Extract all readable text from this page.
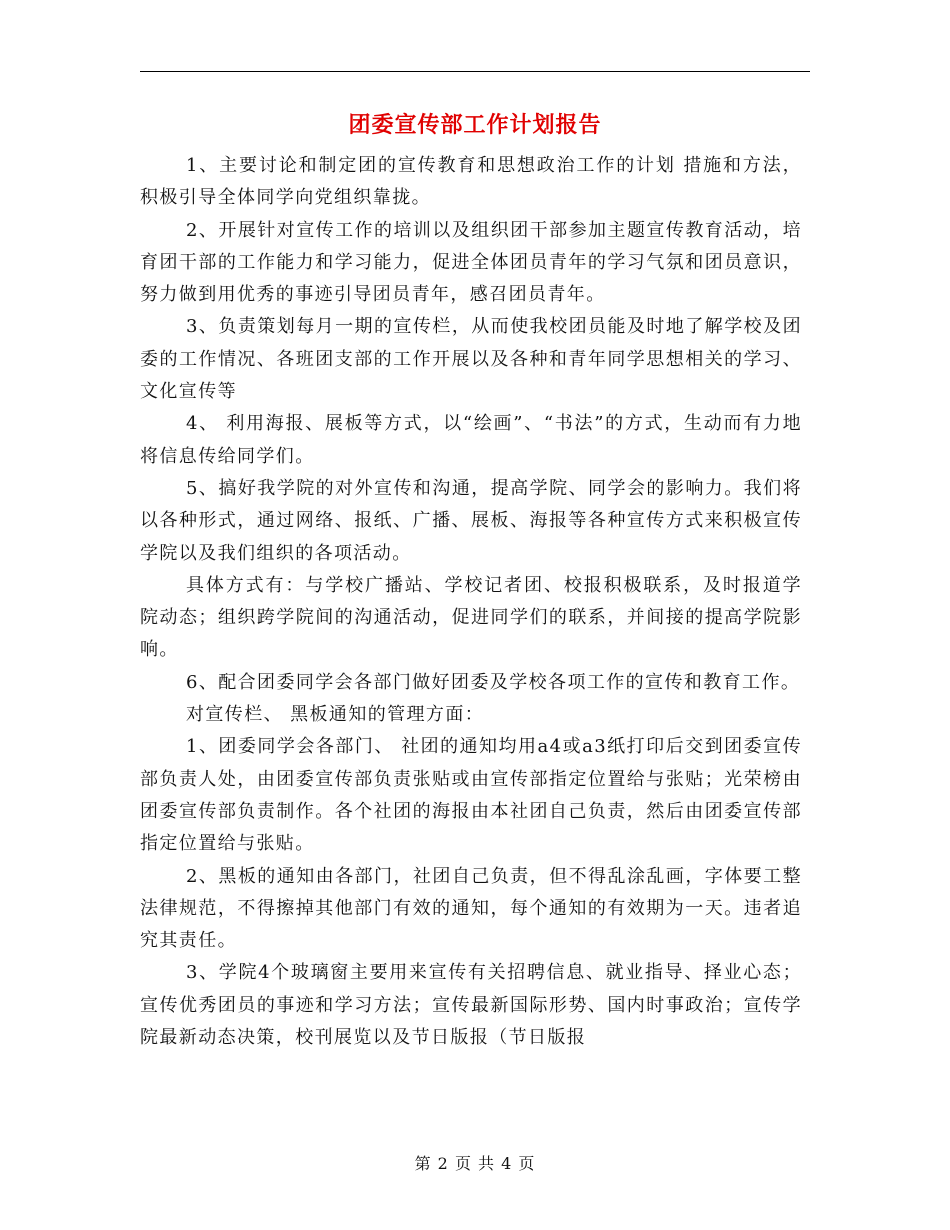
团委宣传部工作计划报告

1、主要讨论和制定团的宣传教育和思想政治工作的计划 措施和方法，积极引导全体同学向党组织靠拢。

2、开展针对宣传工作的培训以及组织团干部参加主题宣传教育活动，培育团干部的工作能力和学习能力，促进全体团员青年的学习气氛和团员意识，努力做到用优秀的事迹引导团员青年，感召团员青年。

3、负责策划每月一期的宣传栏，从而使我校团员能及时地了解学校及团委的工作情况、各班团支部的工作开展以及各种和青年同学思想相关的学习、文化宣传等

4、 利用海报、展板等方式，以“绘画”、“书法”的方式，生动而有力地将信息传给同学们。

5、搞好我学院的对外宣传和沟通，提高学院、同学会的影响力。我们将以各种形式，通过网络、报纸、广播、展板、海报等各种宣传方式来积极宣传学院以及我们组织的各项活动。

具体方式有：与学校广播站、学校记者团、校报积极联系，及时报道学院动态；组织跨学院间的沟通活动，促进同学们的联系，并间接的提高学院影响。

6、配合团委同学会各部门做好团委及学校各项工作的宣传和教育工作。

对宣传栏、 黑板通知的管理方面：

1、团委同学会各部门、 社团的通知均用a4或a3纸打印后交到团委宣传部负责人处，由团委宣传部负责张贴或由宣传部指定位置给与张贴；光荣榜由团委宣传部负责制作。各个社团的海报由本社团自己负责，然后由团委宣传部指定位置给与张贴。

2、黑板的通知由各部门，社团自己负责，但不得乱涂乱画，字体要工整法律规范，不得擦掉其他部门有效的通知，每个通知的有效期为一天。违者追究其责任。

3、学院4个玻璃窗主要用来宣传有关招聘信息、就业指导、择业心态；宣传优秀团员的事迹和学习方法；宣传最新国际形势、国内时事政治；宣传学院最新动态决策，校刊展览以及节日版报（节日版报

第 2 页 共 4 页
